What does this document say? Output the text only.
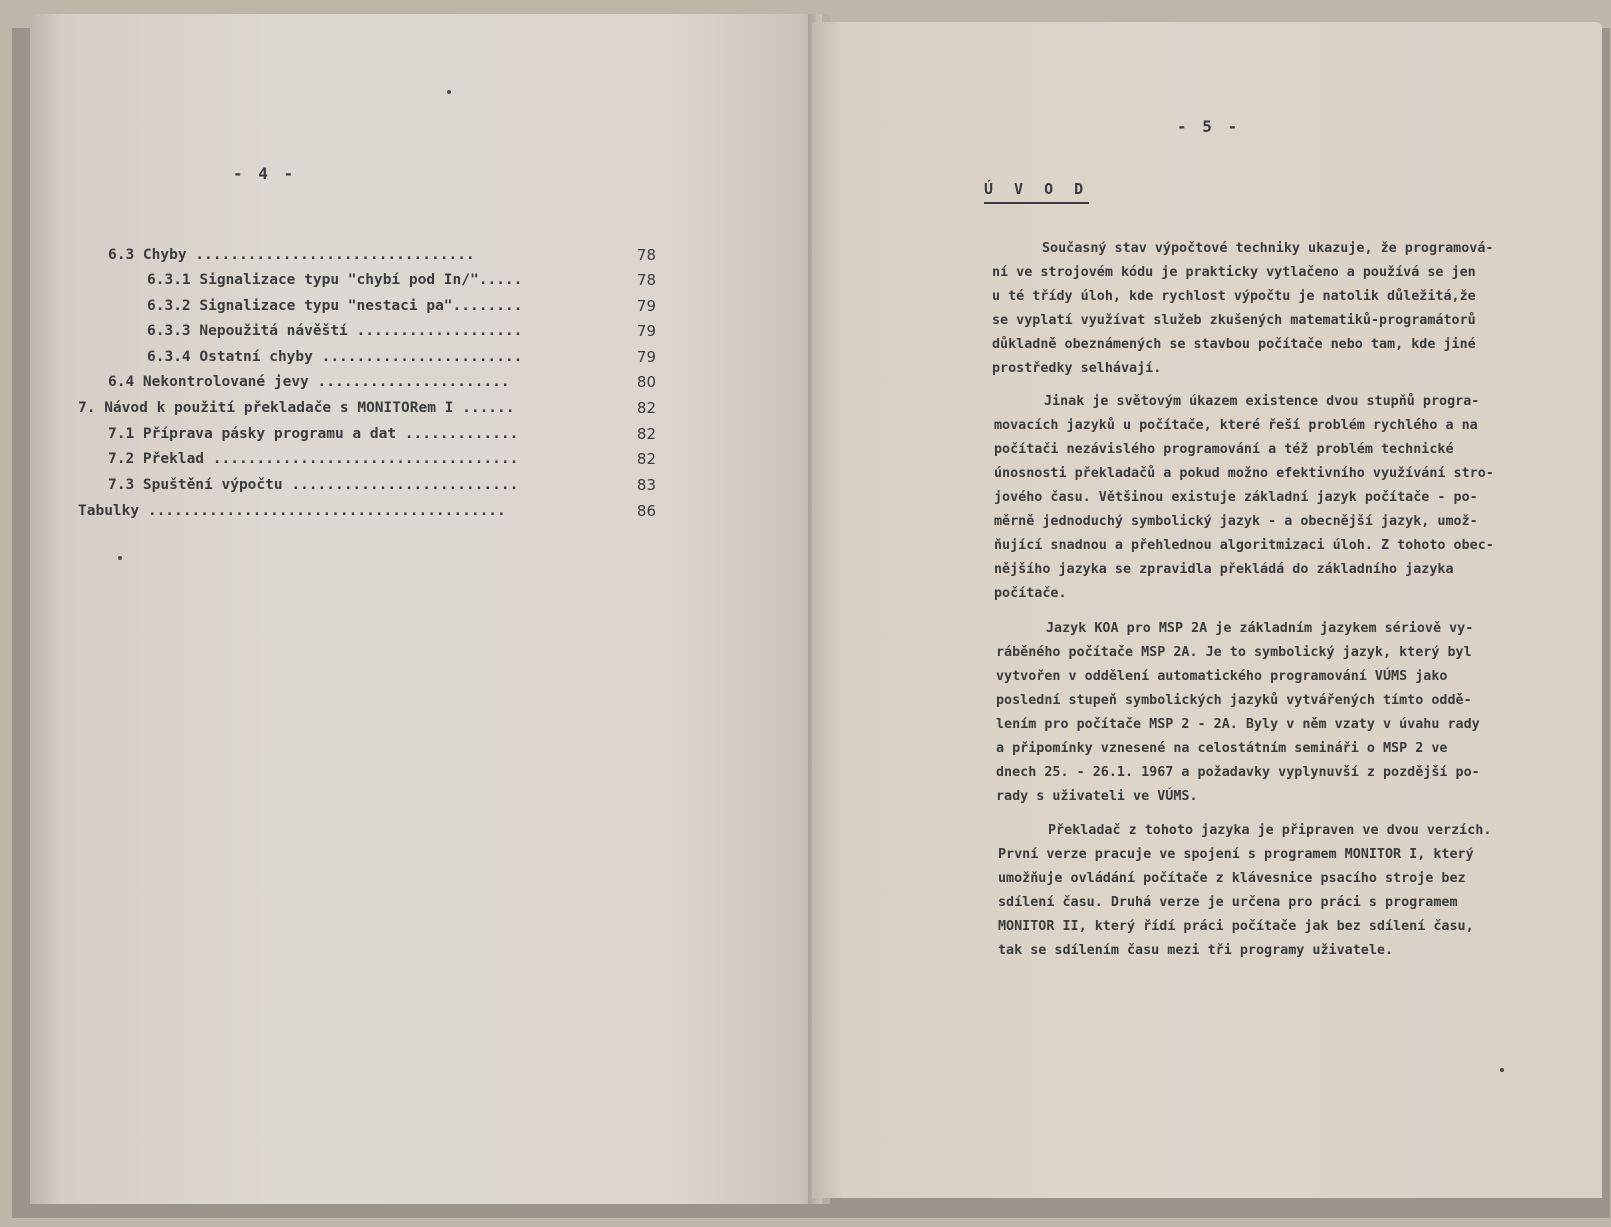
- 4 -
6.3 Chyby ................................	78
6.3.1 Signalizace typu "chybí pod In/".....	78
6.3.2 Signalizace typu "nestaci pa"........	79
6.3.3 Nepoužitá návěští ...................	79
6.3.4 Ostatní chyby .......................	79
6.4 Nekontrolované jevy ......................	80
7. Návod k použití překladače s MONITORem I ......	82
7.1 Příprava pásky programu a dat .............	82
7.2 Překlad ...................................	82
7.3 Spuštění výpočtu ..........................	83
Tabulky .........................................	86
- 5 -
Ú V O D
Současný stav výpočtové techniky ukazuje, že programová-
ní ve strojovém kódu je prakticky vytlačeno a používá se jen
u té třídy úloh, kde rychlost výpočtu je natolik důležitá,že
se vyplatí využívat služeb zkušených matematiků-programátorů
důkladně obeznámených se stavbou počítače nebo tam, kde jiné
prostředky selhávají.
Jinak je světovým úkazem existence dvou stupňů progra-
movacích jazyků u počítače, které řeší problém rychlého a na
počítači nezávislého programování a též problém technické
únosnosti překladačů a pokud možno efektivního využívání stro-
jového času. Většinou existuje základní jazyk počítače - po-
měrně jednoduchý symbolický jazyk - a obecnější jazyk, umož-
ňující snadnou a přehlednou algoritmizaci úloh. Z tohoto obec-
nějšího jazyka se zpravidla překládá do základního jazyka
počítače.
Jazyk KOA pro MSP 2A je základním jazykem sériově vy-
ráběného počítače MSP 2A. Je to symbolický jazyk, který byl
vytvořen v oddělení automatického programování VÚMS jako
poslední stupeň symbolických jazyků vytvářených tímto oddě-
lením pro počítače MSP 2 - 2A. Byly v něm vzaty v úvahu rady
a připomínky vznesené na celostátním semináři o MSP 2 ve
dnech 25. - 26.1. 1967 a požadavky vyplynuvší z pozdější po-
rady s uživateli ve VÚMS.
Překladač z tohoto jazyka je připraven ve dvou verzích.
První verze pracuje ve spojení s programem MONITOR I, který
umožňuje ovládání počítače z klávesnice psacího stroje bez
sdílení času. Druhá verze je určena pro práci s programem
MONITOR II, který řídí práci počítače jak bez sdílení času,
tak se sdílením času mezi tři programy uživatele.
